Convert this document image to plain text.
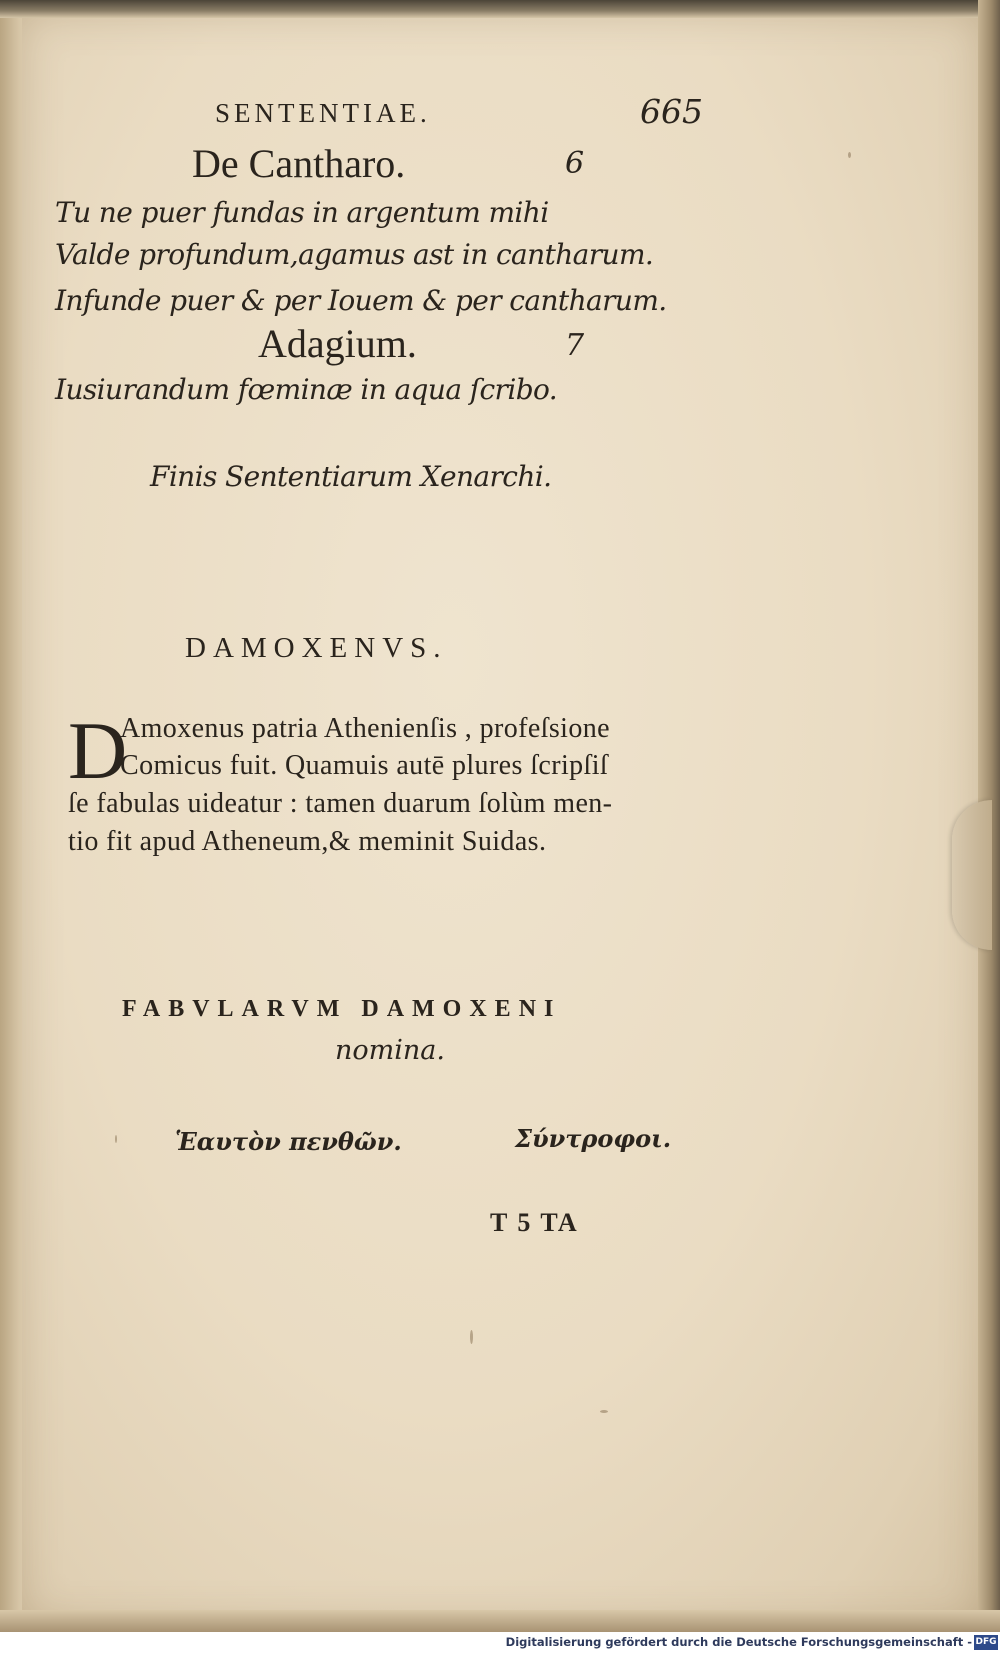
SENTENTIAE.	665
De Cantharo.	6
Tu ne puer fundas in argentum mihi
Valde profundum,agamus ast in cantharum.
Infunde puer & per Iouem & per cantharum.
Adagium.	7
Iusiurandum fœminæ in aqua ſcribo.
Finis Sententiarum Xenarchi.
DAMOXENVS.
D
Amoxenus patria Athenienſis , profeſsione
Comicus fuit. Quamuis autē plures ſcripſiſ
ſe fabulas uideatur : tamen duarum ſolùm men-
tio fit apud Atheneum,& meminit Suidas.
FABVLARVM DAMOXENI
nomina.
Ἑαυτὸν πενθῶν.	Σύντροφοι.
T 5 TA
Digitalisierung gefördert durch die Deutsche Forschungsgemeinschaft - DFG
